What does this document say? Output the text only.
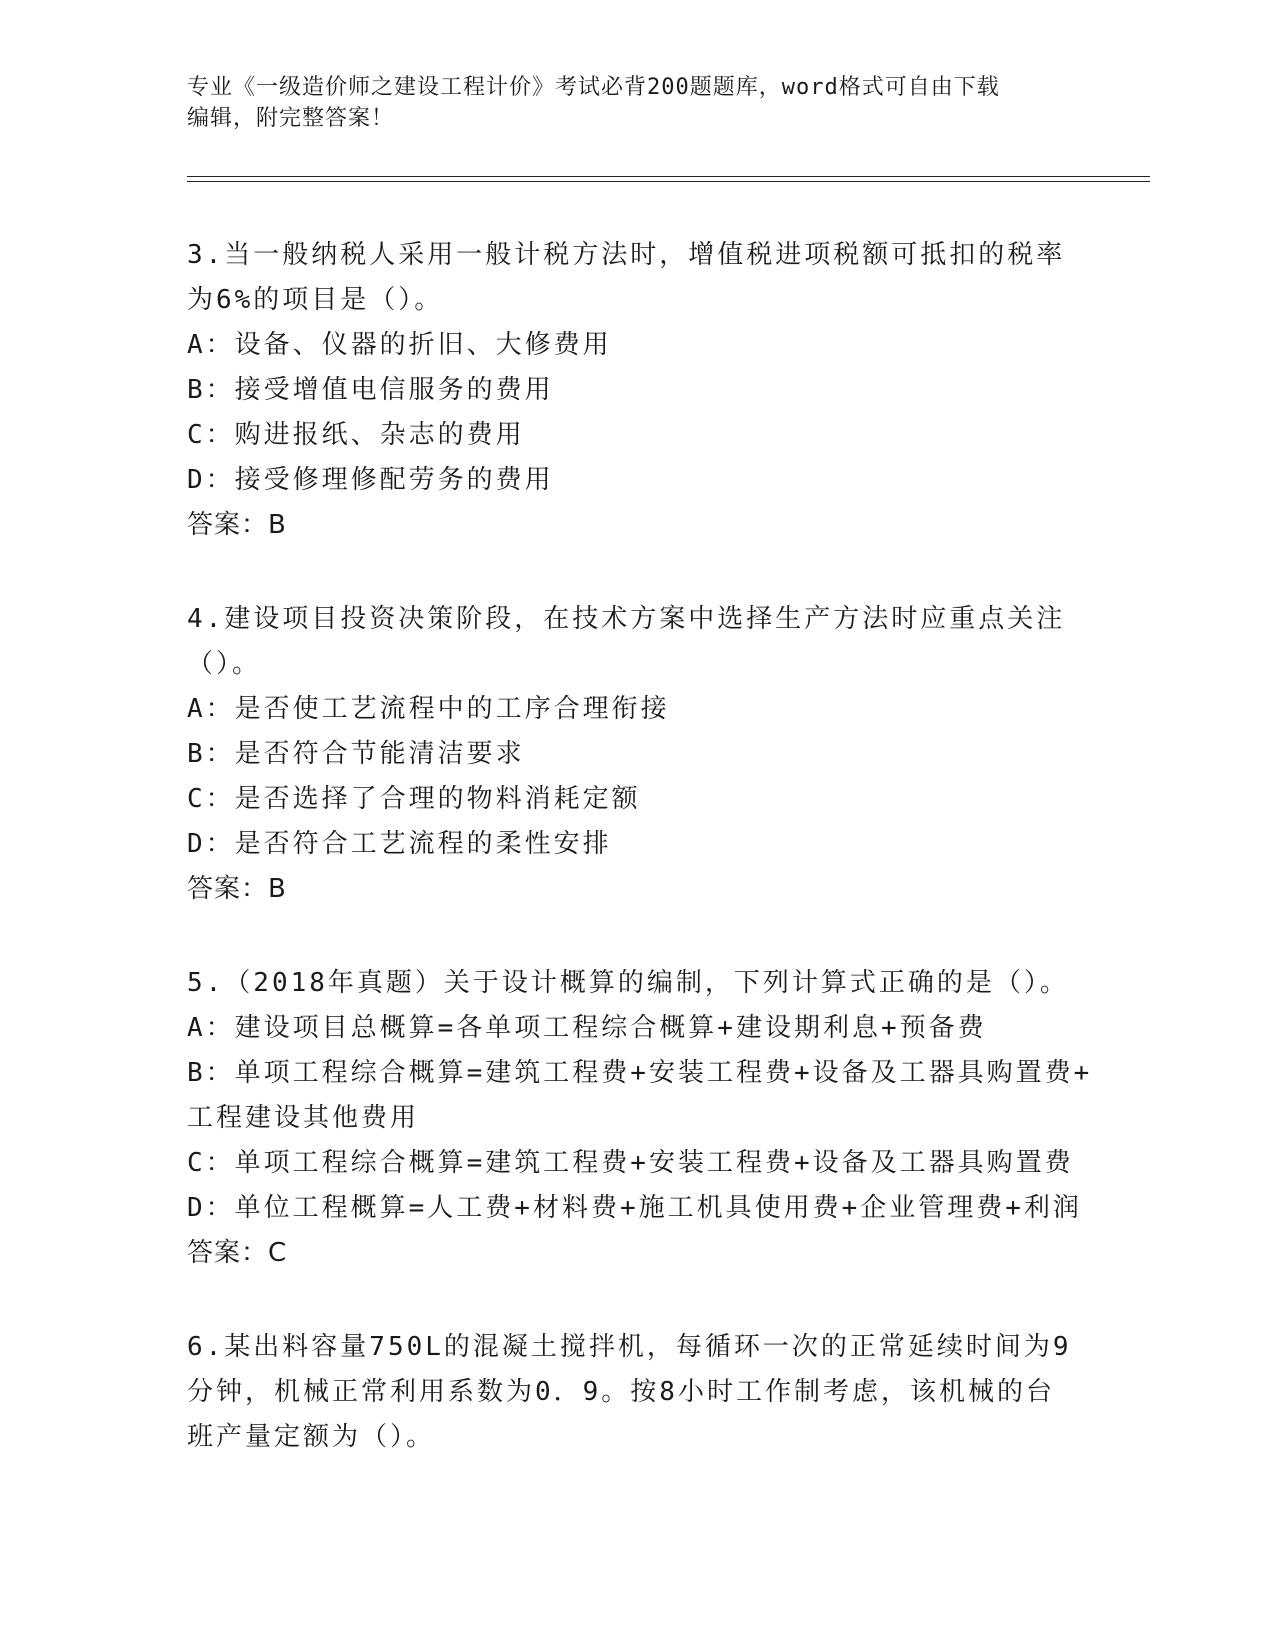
专业《一级造价师之建设工程计价》考试必背200题题库，word格式可自由下载
编辑，附完整答案！
3.当一般纳税人采用一般计税方法时，增值税进项税额可抵扣的税率
为6%的项目是（）。
A：设备、仪器的折旧、大修费用
B：接受增值电信服务的费用
C：购进报纸、杂志的费用
D：接受修理修配劳务的费用
答案：B
4.建设项目投资决策阶段，在技术方案中选择生产方法时应重点关注
（）。
A：是否使工艺流程中的工序合理衔接
B：是否符合节能清洁要求
C：是否选择了合理的物料消耗定额
D：是否符合工艺流程的柔性安排
答案：B
5.（2018年真题）关于设计概算的编制，下列计算式正确的是（）。
A：建设项目总概算=各单项工程综合概算+建设期利息+预备费
B：单项工程综合概算=建筑工程费+安装工程费+设备及工器具购置费+
工程建设其他费用
C：单项工程综合概算=建筑工程费+安装工程费+设备及工器具购置费
D：单位工程概算=人工费+材料费+施工机具使用费+企业管理费+利润
答案：C
6.某出料容量750L的混凝土搅拌机，每循环一次的正常延续时间为9
分钟，机械正常利用系数为0．9。按8小时工作制考虑，该机械的台
班产量定额为（）。
